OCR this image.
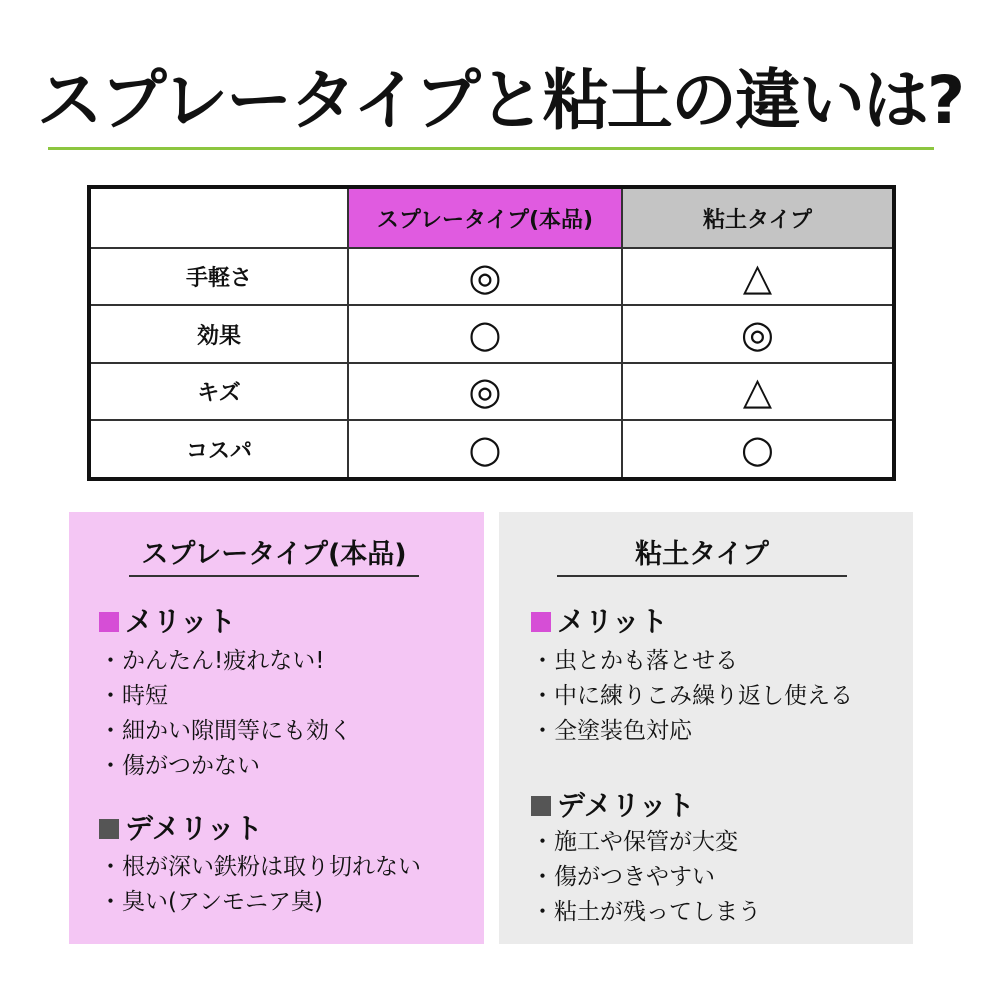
スプレータイプと粘土の違いは?
	スプレータイプ(本品)	粘土タイプ
手軽さ	◎	△
効果	○	◎
キズ	◎	△
コスパ	○	○
スプレータイプ(本品)
メリット
・かんたん!疲れない!
・時短
・細かい隙間等にも効く
・傷がつかない
デメリット
・根が深い鉄粉は取り切れない
・臭い(アンモニア臭)
粘土タイプ
メリット
・虫とかも落とせる
・中に練りこみ繰り返し使える
・全塗装色対応
デメリット
・施工や保管が大変
・傷がつきやすい
・粘土が残ってしまう
